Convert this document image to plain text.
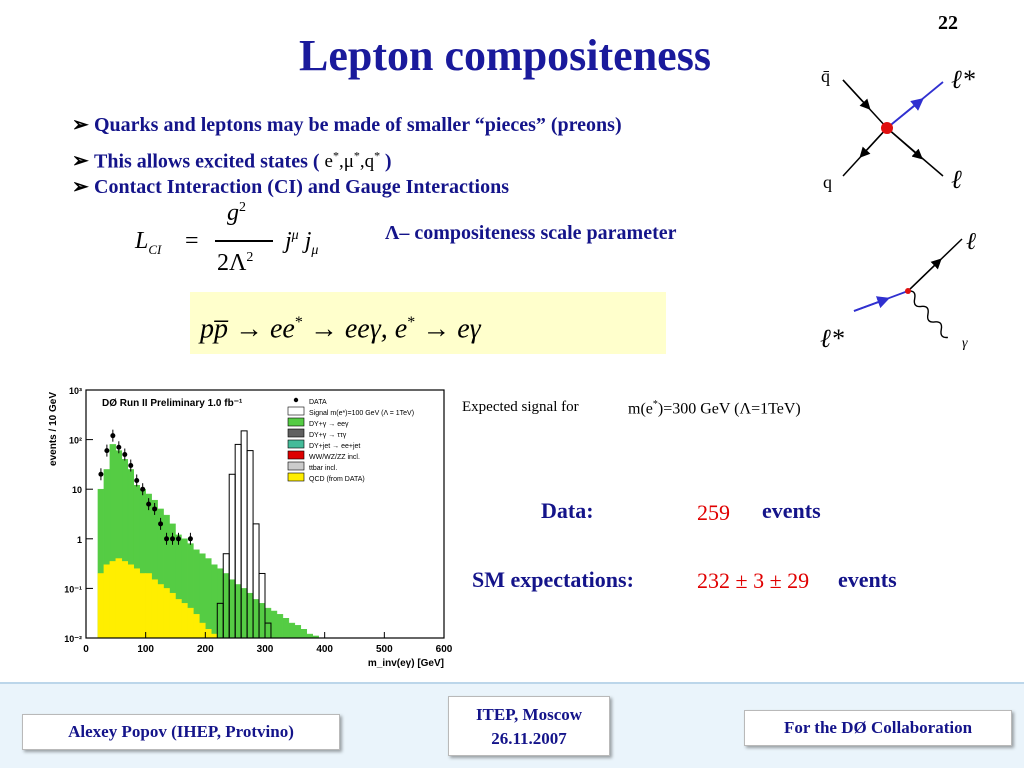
22
Lepton compositeness
➢ Quarks and leptons may be made of smaller “pieces” (preons)
➢ This allows excited states ( e*,μ*,q* )
➢ Contact Interaction (CI) and Gauge Interactions
$L_{CI}$ =
$g^2$
$2\Lambda^2$
$j^\mu$ $j_\mu$
Λ– compositeness scale parameter
pp̅ → ee* → eeγ, e* → eγ
q̄
q
ℓ*
ℓ
ℓ
ℓ*	γ
0	100	200	300	400	500	600
10⁻²
10⁻¹
1
10
10²
10³
DØ Run II Preliminary 1.0 fb⁻¹
m_inv(eγ) [GeV]
events / 10 GeV	DATA
Signal m(e*)=100 GeV (Λ = 1TeV)
DY+γ → eeγ
DY+γ → ττγ
DY+jet → ee+jet
WW/WZ/ZZ incl.
ttbar incl.
QCD (from DATA)
Expected signal for	m(e*)=300 GeV (Λ=1TeV)
Data:	259 events
SM expectations:	232 ± 3 ± 29 events
Alexey Popov (IHEP, Protvino)
ITEP, Moscow
26.11.2007
For the DØ Collaboration
